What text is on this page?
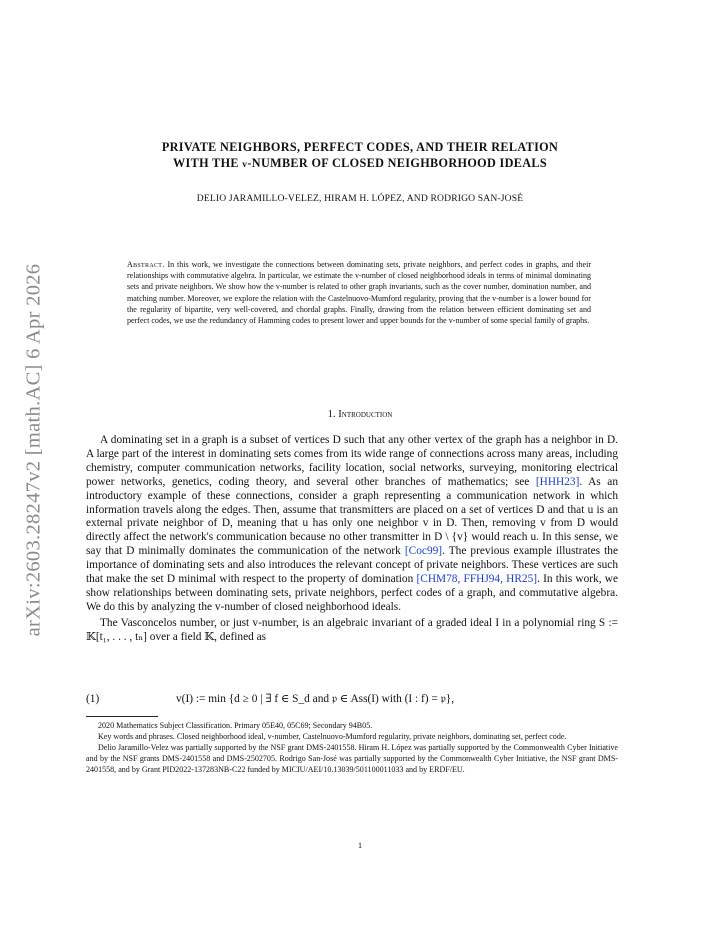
arXiv:2603.28247v2 [math.AC] 6 Apr 2026
PRIVATE NEIGHBORS, PERFECT CODES, AND THEIR RELATION
WITH THE v-NUMBER OF CLOSED NEIGHBORHOOD IDEALS
DELIO JARAMILLO-VELEZ, HIRAM H. LÓPEZ, AND RODRIGO SAN-JOSÉ
Abstract. In this work, we investigate the connections between dominating sets, private neighbors, and perfect codes in graphs, and their relationships with commutative algebra. In particular, we estimate the v-number of closed neighborhood ideals in terms of minimal dominating sets and private neighbors. We show how the v-number is related to other graph invariants, such as the cover number, domination number, and matching number. Moreover, we explore the relation with the Castelnuovo-Mumford regularity, proving that the v-number is a lower bound for the regularity of bipartite, very well-covered, and chordal graphs. Finally, drawing from the relation between efficient dominating set and perfect codes, we use the redundancy of Hamming codes to present lower and upper bounds for the v-number of some special family of graphs.
1. Introduction

A dominating set in a graph is a subset of vertices D such that any other vertex of the graph has a neighbor in D. A large part of the interest in dominating sets comes from its wide range of connections across many areas, including chemistry, computer communication networks, facility location, social networks, surveying, monitoring electrical power networks, genetics, coding theory, and several other branches of mathematics; see [HHH23]. As an introductory example of these connections, consider a graph representing a communication network in which information travels along the edges. Then, assume that transmitters are placed on a set of vertices D and that u is an external private neighbor of D, meaning that u has only one neighbor v in D. Then, removing v from D would directly affect the network's communication because no other transmitter in D \ {v} would reach u. In this sense, we say that D minimally dominates the communication of the network [Coc99]. The previous example illustrates the importance of dominating sets and also introduces the relevant concept of private neighbors. These vertices are such that make the set D minimal with respect to the property of domination [CHM78, FFHJ94, HR25]. In this work, we show relationships between dominating sets, private neighbors, perfect codes of a graph, and commutative algebra. We do this by analyzing the v-number of closed neighborhood ideals.

The Vasconcelos number, or just v-number, is an algebraic invariant of a graded ideal I in a polynomial ring S := 𝕂[t₁, . . . , tₙ] over a field 𝕂, defined as

(1)	v(I) := min {d ≥ 0 | ∃ f ∈ S_d and 𝔭 ∈ Ass(I) with (I : f) = 𝔭},

2020 Mathematics Subject Classification. Primary 05E40, 05C69; Secondary 94B05.

Key words and phrases. Closed neighborhood ideal, v-number, Castelnuovo-Mumford regularity, private neighbors, dominating set, perfect code.

Delio Jaramillo-Velez was partially supported by the NSF grant DMS-2401558. Hiram H. López was partially supported by the Commonwealth Cyber Initiative and by the NSF grants DMS-2401558 and DMS-2502705. Rodrigo San-José was partially supported by the Commonwealth Cyber Initiative, the NSF grant DMS-2401558, and by Grant PID2022-137283NB-C22 funded by MICIU/AEI/10.13039/501100011033 and by ERDF/EU.

1
